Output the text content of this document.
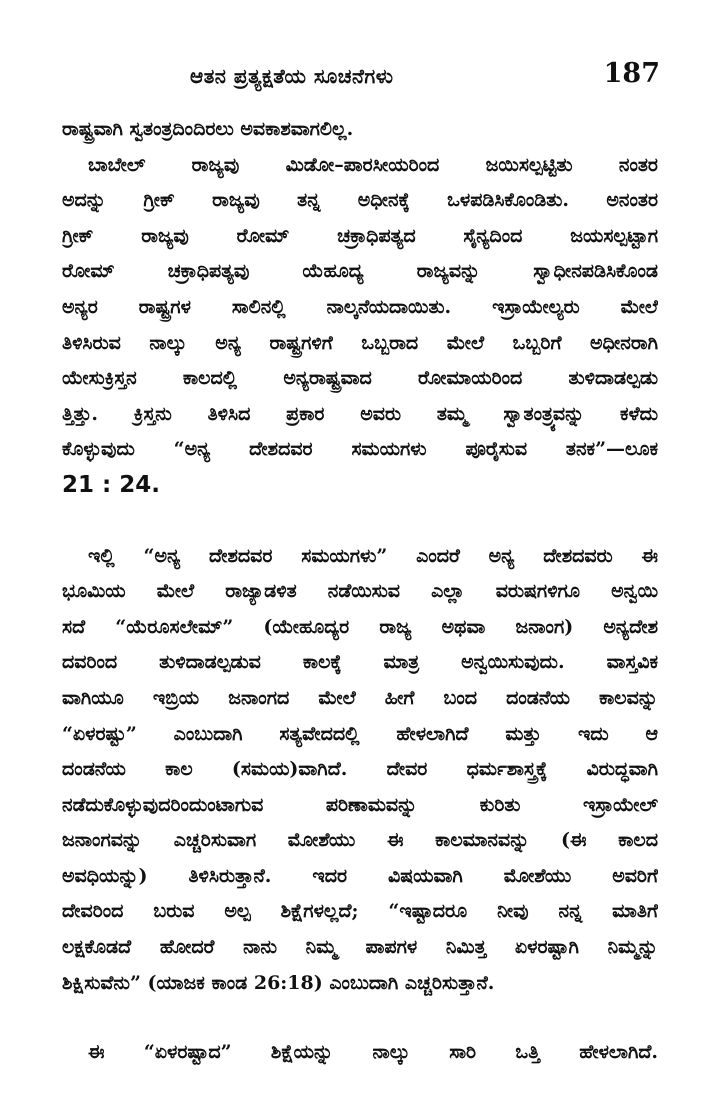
ಆತನ ಪ್ರತ್ಯಕ್ಷತೆಯ ಸೂಚನೆಗಳು	187
ರಾಷ್ಟ್ರವಾಗಿ ಸ್ವತಂತ್ರದಿಂದಿರಲು ಅವಕಾಶವಾಗಲಿಲ್ಲ.
ಬಾಬೇಲ್ ರಾಜ್ಯವು ಮಿಡೋ–ಪಾರಸೀಯರಿಂದ ಜಯಿಸಲ್ಪಟ್ಟಿತು ನಂತರ
ಅದನ್ನು ಗ್ರೀಕ್ ರಾಜ್ಯವು ತನ್ನ ಅಧೀನಕ್ಕೆ ಒಳಪಡಿಸಿಕೊಂಡಿತು. ಅನಂತರ
ಗ್ರೀಕ್ ರಾಜ್ಯವು ರೋಮ್ ಚಕ್ರಾಧಿಪತ್ಯದ ಸೈನ್ಯದಿಂದ ಜಯಸಲ್ಪಟ್ಟಾಗ
ರೋಮ್ ಚಕ್ರಾಧಿಪತ್ಯವು ಯೆಹೂದ್ಯ ರಾಜ್ಯವನ್ನು ಸ್ವಾಧೀನಪಡಿಸಿಕೊಂಡ
ಅನ್ಯರ ರಾಷ್ಟ್ರಗಳ ಸಾಲಿನಲ್ಲಿ ನಾಲ್ಕನೆಯದಾಯಿತು. ಇಸ್ರಾಯೇಲ್ಯರು ಮೇಲೆ
ತಿಳಿಸಿರುವ ನಾಲ್ಕು ಅನ್ಯ ರಾಷ್ಟ್ರಗಳಿಗೆ ಒಬ್ಬರಾದ ಮೇಲೆ ಒಬ್ಬರಿಗೆ ಅಧೀನರಾಗಿ
ಯೇಸುಕ್ರಿಸ್ತನ ಕಾಲದಲ್ಲಿ ಅನ್ಯರಾಷ್ಟ್ರವಾದ ರೋಮಾಯರಿಂದ ತುಳಿದಾಡಲ್ಪಡು
ತ್ತಿತ್ತು. ಕ್ರಿಸ್ತನು ತಿಳಿಸಿದ ಪ್ರಕಾರ ಅವರು ತಮ್ಮ ಸ್ವಾತಂತ್ರ್ಯವನ್ನು ಕಳೆದು
ಕೊಳ್ಳುವುದು “ಅನ್ಯ ದೇಶದವರ ಸಮಯಗಳು ಪೂರೈಸುವ ತನಕ”—ಲೂಕ
21 : 24.
ಇಲ್ಲಿ “ಅನ್ಯ ದೇಶದವರ ಸಮಯಗಳು” ಎಂದರೆ ಅನ್ಯ ದೇಶದವರು ಈ
ಭೂಮಿಯ ಮೇಲೆ ರಾಜ್ಯಾಡಳಿತ ನಡೆಯಿಸುವ ಎಲ್ಲಾ ವರುಷಗಳಿಗೂ ಅನ್ವಯಿ
ಸದೆ “ಯೆರೂಸಲೇಮ್” (ಯೇಹೂದ್ಯರ ರಾಜ್ಯ ಅಥವಾ ಜನಾಂಗ) ಅನ್ಯದೇಶ
ದವರಿಂದ ತುಳಿದಾಡಲ್ಪಡುವ ಕಾಲಕ್ಕೆ ಮಾತ್ರ ಅನ್ವಯಿಸುವುದು. ವಾಸ್ತವಿಕ
ವಾಗಿಯೂ ಇಬ್ರಿಯ ಜನಾಂಗದ ಮೇಲೆ ಹೀಗೆ ಬಂದ ದಂಡನೆಯ ಕಾಲವನ್ನು
“ಏಳರಷ್ಟು” ಎಂಬುದಾಗಿ ಸತ್ಯವೇದದಲ್ಲಿ ಹೇಳಲಾಗಿದೆ ಮತ್ತು ಇದು ಆ
ದಂಡನೆಯ ಕಾಲ (ಸಮಯ)ವಾಗಿದೆ. ದೇವರ ಧರ್ಮಶಾಸ್ತ್ರಕ್ಕೆ ವಿರುದ್ಧವಾಗಿ
ನಡೆದುಕೊಳ್ಳುವುದರಿಂದುಂಟಾಗುವ ಪರಿಣಾಮವನ್ನು ಕುರಿತು ಇಸ್ರಾಯೇಲ್
ಜನಾಂಗವನ್ನು ಎಚ್ಚರಿಸುವಾಗ ಮೋಶೆಯು ಈ ಕಾಲಮಾನವನ್ನು (ಈ ಕಾಲದ
ಅವಧಿಯನ್ನು) ತಿಳಿಸಿರುತ್ತಾನೆ. ಇದರ ವಿಷಯವಾಗಿ ಮೋಶೆಯು ಅವರಿಗೆ
ದೇವರಿಂದ ಬರುವ ಅಲ್ಪ ಶಿಕ್ಷೆಗಳಲ್ಲದೆ; “ಇಷ್ಟಾದರೂ ನೀವು ನನ್ನ ಮಾತಿಗೆ
ಲಕ್ಷಕೊಡದೆ ಹೋದರೆ ನಾನು ನಿಮ್ಮ ಪಾಪಗಳ ನಿಮಿತ್ತ ಏಳರಷ್ಟಾಗಿ ನಿಮ್ಮನ್ನು
ಶಿಕ್ಷಿಸುವೆನು” (ಯಾಜಕ ಕಾಂಡ 26:18) ಎಂಬುದಾಗಿ ಎಚ್ಚರಿಸುತ್ತಾನೆ.
ಈ “ಏಳರಷ್ಟಾದ” ಶಿಕ್ಷೆಯನ್ನು ನಾಲ್ಕು ಸಾರಿ ಒತ್ತಿ ಹೇಳಲಾಗಿದೆ.
